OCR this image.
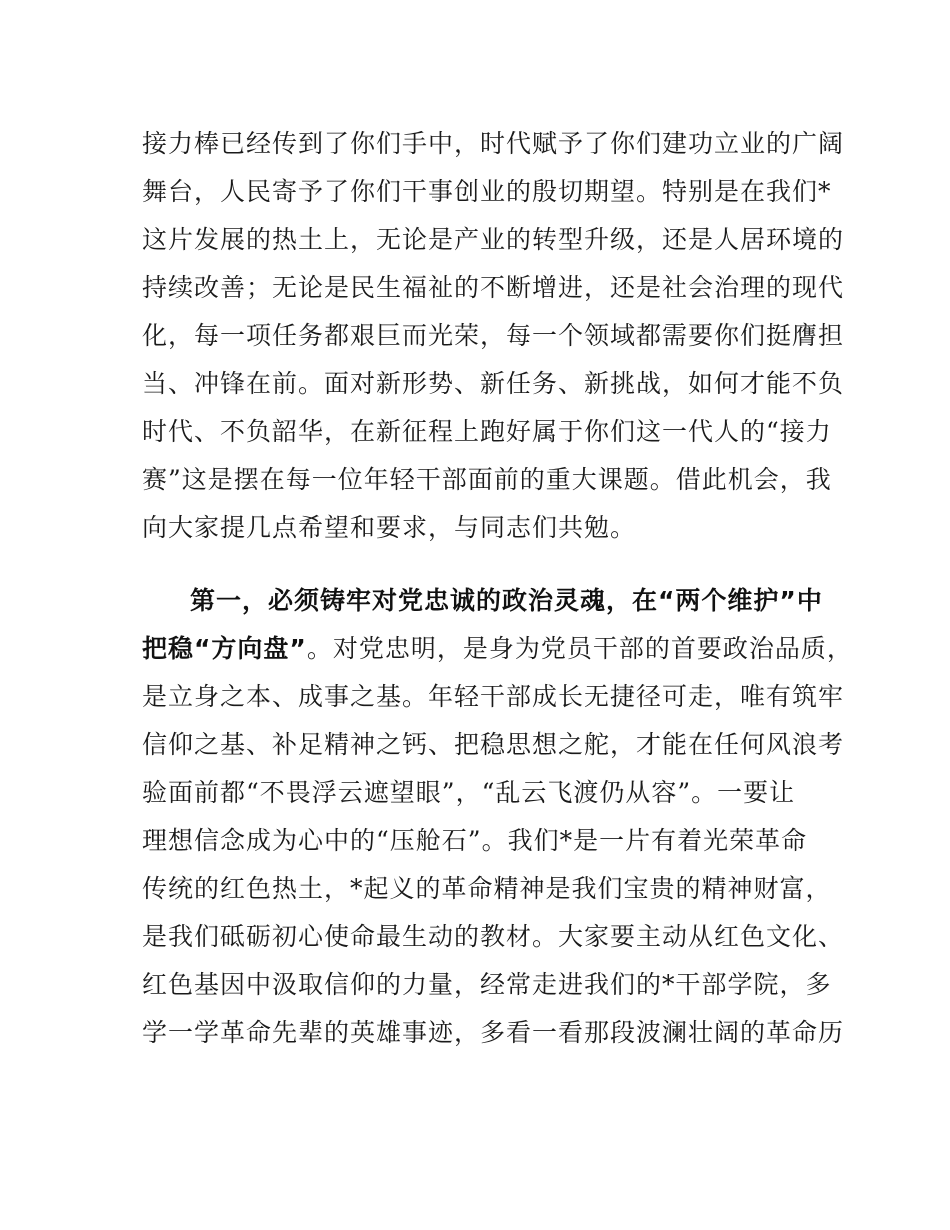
接力棒已经传到了你们手中，时代赋予了你们建功立业的广阔
舞台，人民寄予了你们干事创业的殷切期望。特别是在我们*
这片发展的热土上，无论是产业的转型升级，还是人居环境的
持续改善；无论是民生福祉的不断增进，还是社会治理的现代
化，每一项任务都艰巨而光荣，每一个领域都需要你们挺膺担
当、冲锋在前。面对新形势、新任务、新挑战，如何才能不负
时代、不负韶华，在新征程上跑好属于你们这一代人的“接力
赛”这是摆在每一位年轻干部面前的重大课题。借此机会，我
向大家提几点希望和要求，与同志们共勉。
第一，必须铸牢对党忠诚的政治灵魂，在“两个维护”中
把稳“方向盘”。对党忠明，是身为党员干部的首要政治品质，
是立身之本、成事之基。年轻干部成长无捷径可走，唯有筑牢
信仰之基、补足精神之钙、把稳思想之舵，才能在任何风浪考
验面前都“不畏浮云遮望眼”，“乱云飞渡仍从容”。一要让
理想信念成为心中的“压舱石”。我们*是一片有着光荣革命
传统的红色热土，*起义的革命精神是我们宝贵的精神财富，
是我们砥砺初心使命最生动的教材。大家要主动从红色文化、
红色基因中汲取信仰的力量，经常走进我们的*干部学院，多
学一学革命先辈的英雄事迹，多看一看那段波澜壮阔的革命历
